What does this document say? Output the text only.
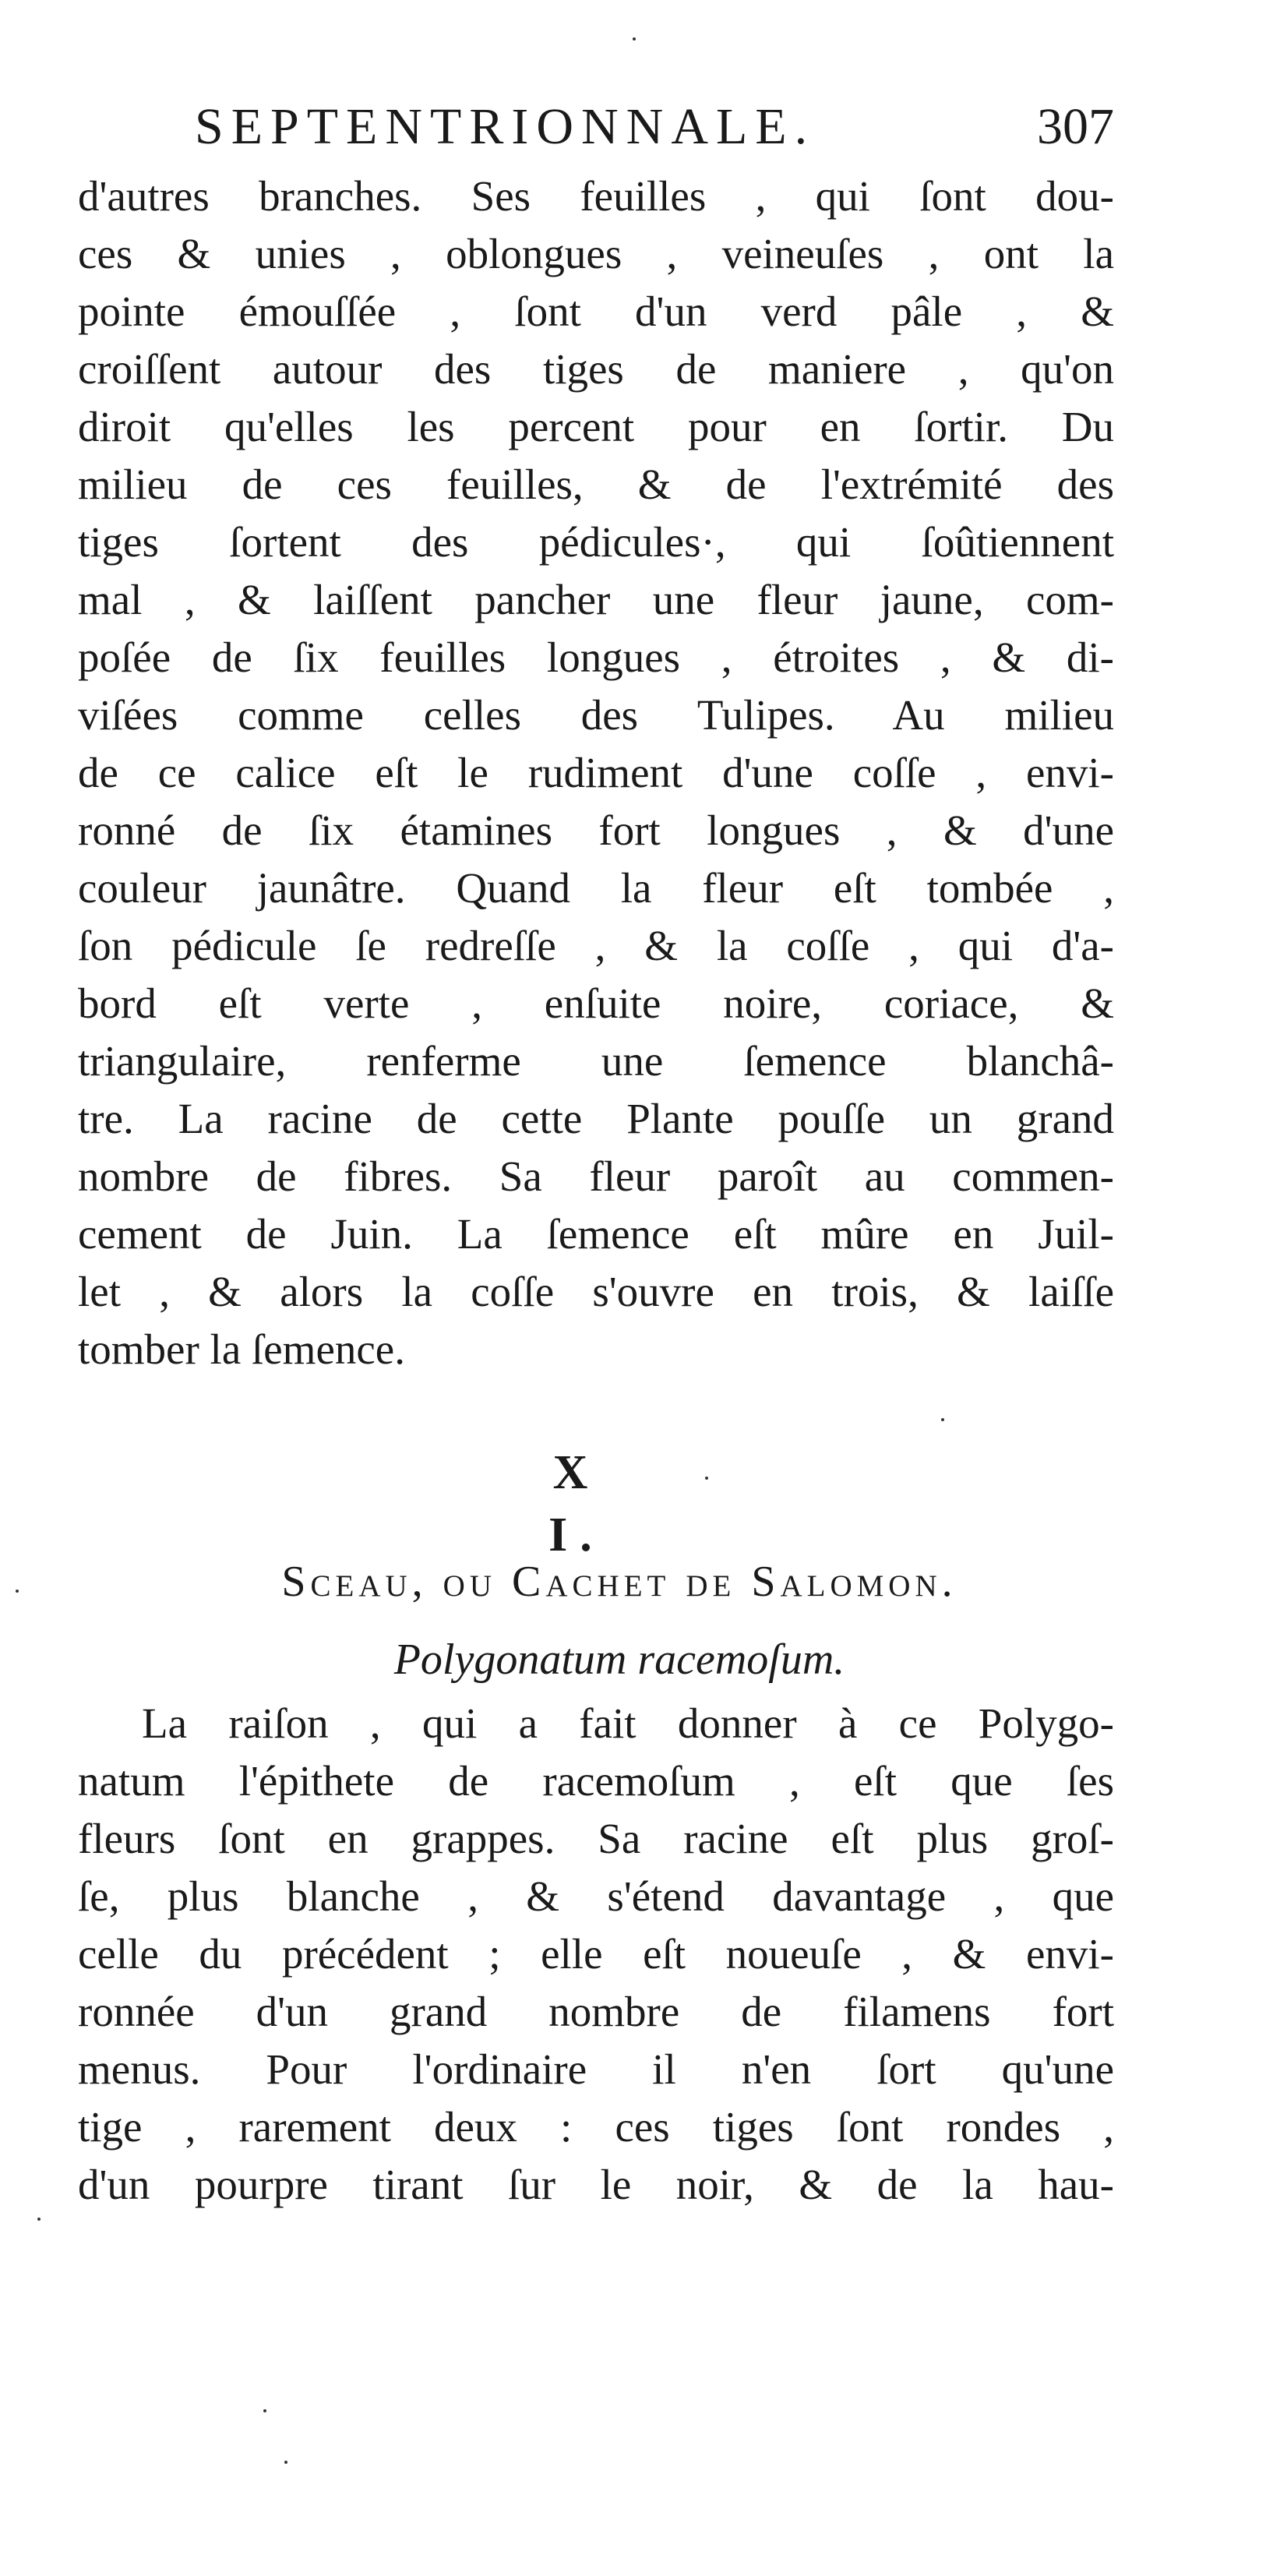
SEPTENTRIONNALE.	307
d'autres branches. Ses feuilles , qui ſont dou-
ces & unies , oblongues , veineuſes , ont la
pointe émouſſée , ſont d'un verd pâle , &
croiſſent autour des tiges de maniere , qu'on
diroit qu'elles les percent pour en ſortir. Du
milieu de ces feuilles, & de l'extrémité des
tiges ſortent des pédicules·, qui ſoûtiennent
mal , & laiſſent pancher une fleur jaune, com-
poſée de ſix feuilles longues , étroites , & di-
viſées comme celles des Tulipes. Au milieu
de ce calice eſt le rudiment d'une coſſe , envi-
ronné de ſix étamines fort longues , & d'une
couleur jaunâtre. Quand la fleur eſt tombée ,
ſon pédicule ſe redreſſe , & la coſſe , qui d'a-
bord eſt verte , enſuite noire, coriace, &
triangulaire, renferme une ſemence blanchâ-
tre. La racine de cette Plante pouſſe un grand
nombre de fibres. Sa fleur paroît au commen-
cement de Juin. La ſemence eſt mûre en Juil-
let , & alors la coſſe s'ouvre en trois, & laiſſe
tomber la ſemence.
X I.
Sceau, ou Cachet de Salomon.
Polygonatum racemoſum.
La raiſon , qui a fait donner à ce Polygo-
natum l'épithete de racemoſum , eſt que ſes
fleurs ſont en grappes. Sa racine eſt plus groſ-
ſe, plus blanche , & s'étend davantage , que
celle du précédent ; elle eſt noueuſe , & envi-
ronnée d'un grand nombre de filamens fort
menus. Pour l'ordinaire il n'en ſort qu'une
tige , rarement deux : ces tiges ſont rondes ,
d'un pourpre tirant ſur le noir, & de la hau-
